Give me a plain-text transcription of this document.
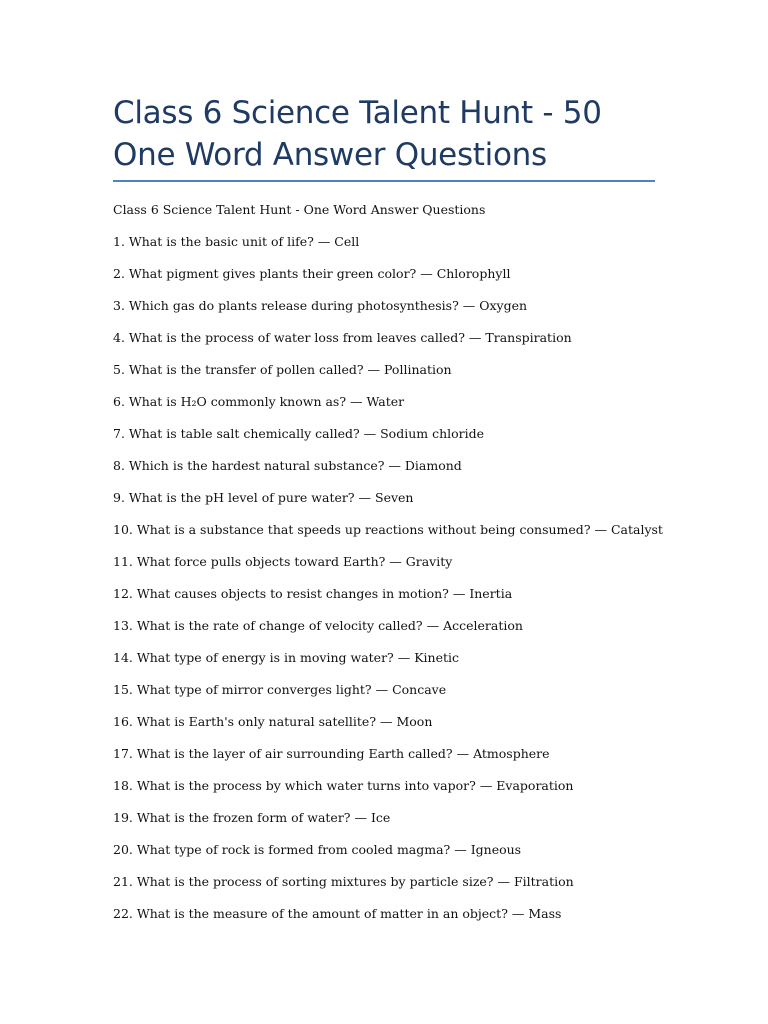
Class 6 Science Talent Hunt - 50 One Word Answer Questions
Class 6 Science Talent Hunt - One Word Answer Questions
1. What is the basic unit of life? — Cell
2. What pigment gives plants their green color? — Chlorophyll
3. Which gas do plants release during photosynthesis? — Oxygen
4. What is the process of water loss from leaves called? — Transpiration
5. What is the transfer of pollen called? — Pollination
6. What is H₂O commonly known as? — Water
7. What is table salt chemically called? — Sodium chloride
8. Which is the hardest natural substance? — Diamond
9. What is the pH level of pure water? — Seven
10. What is a substance that speeds up reactions without being consumed? — Catalyst
11. What force pulls objects toward Earth? — Gravity
12. What causes objects to resist changes in motion? — Inertia
13. What is the rate of change of velocity called? — Acceleration
14. What type of energy is in moving water? — Kinetic
15. What type of mirror converges light? — Concave
16. What is Earth's only natural satellite? — Moon
17. What is the layer of air surrounding Earth called? — Atmosphere
18. What is the process by which water turns into vapor? — Evaporation
19. What is the frozen form of water? — Ice
20. What type of rock is formed from cooled magma? — Igneous
21. What is the process of sorting mixtures by particle size? — Filtration
22. What is the measure of the amount of matter in an object? — Mass
